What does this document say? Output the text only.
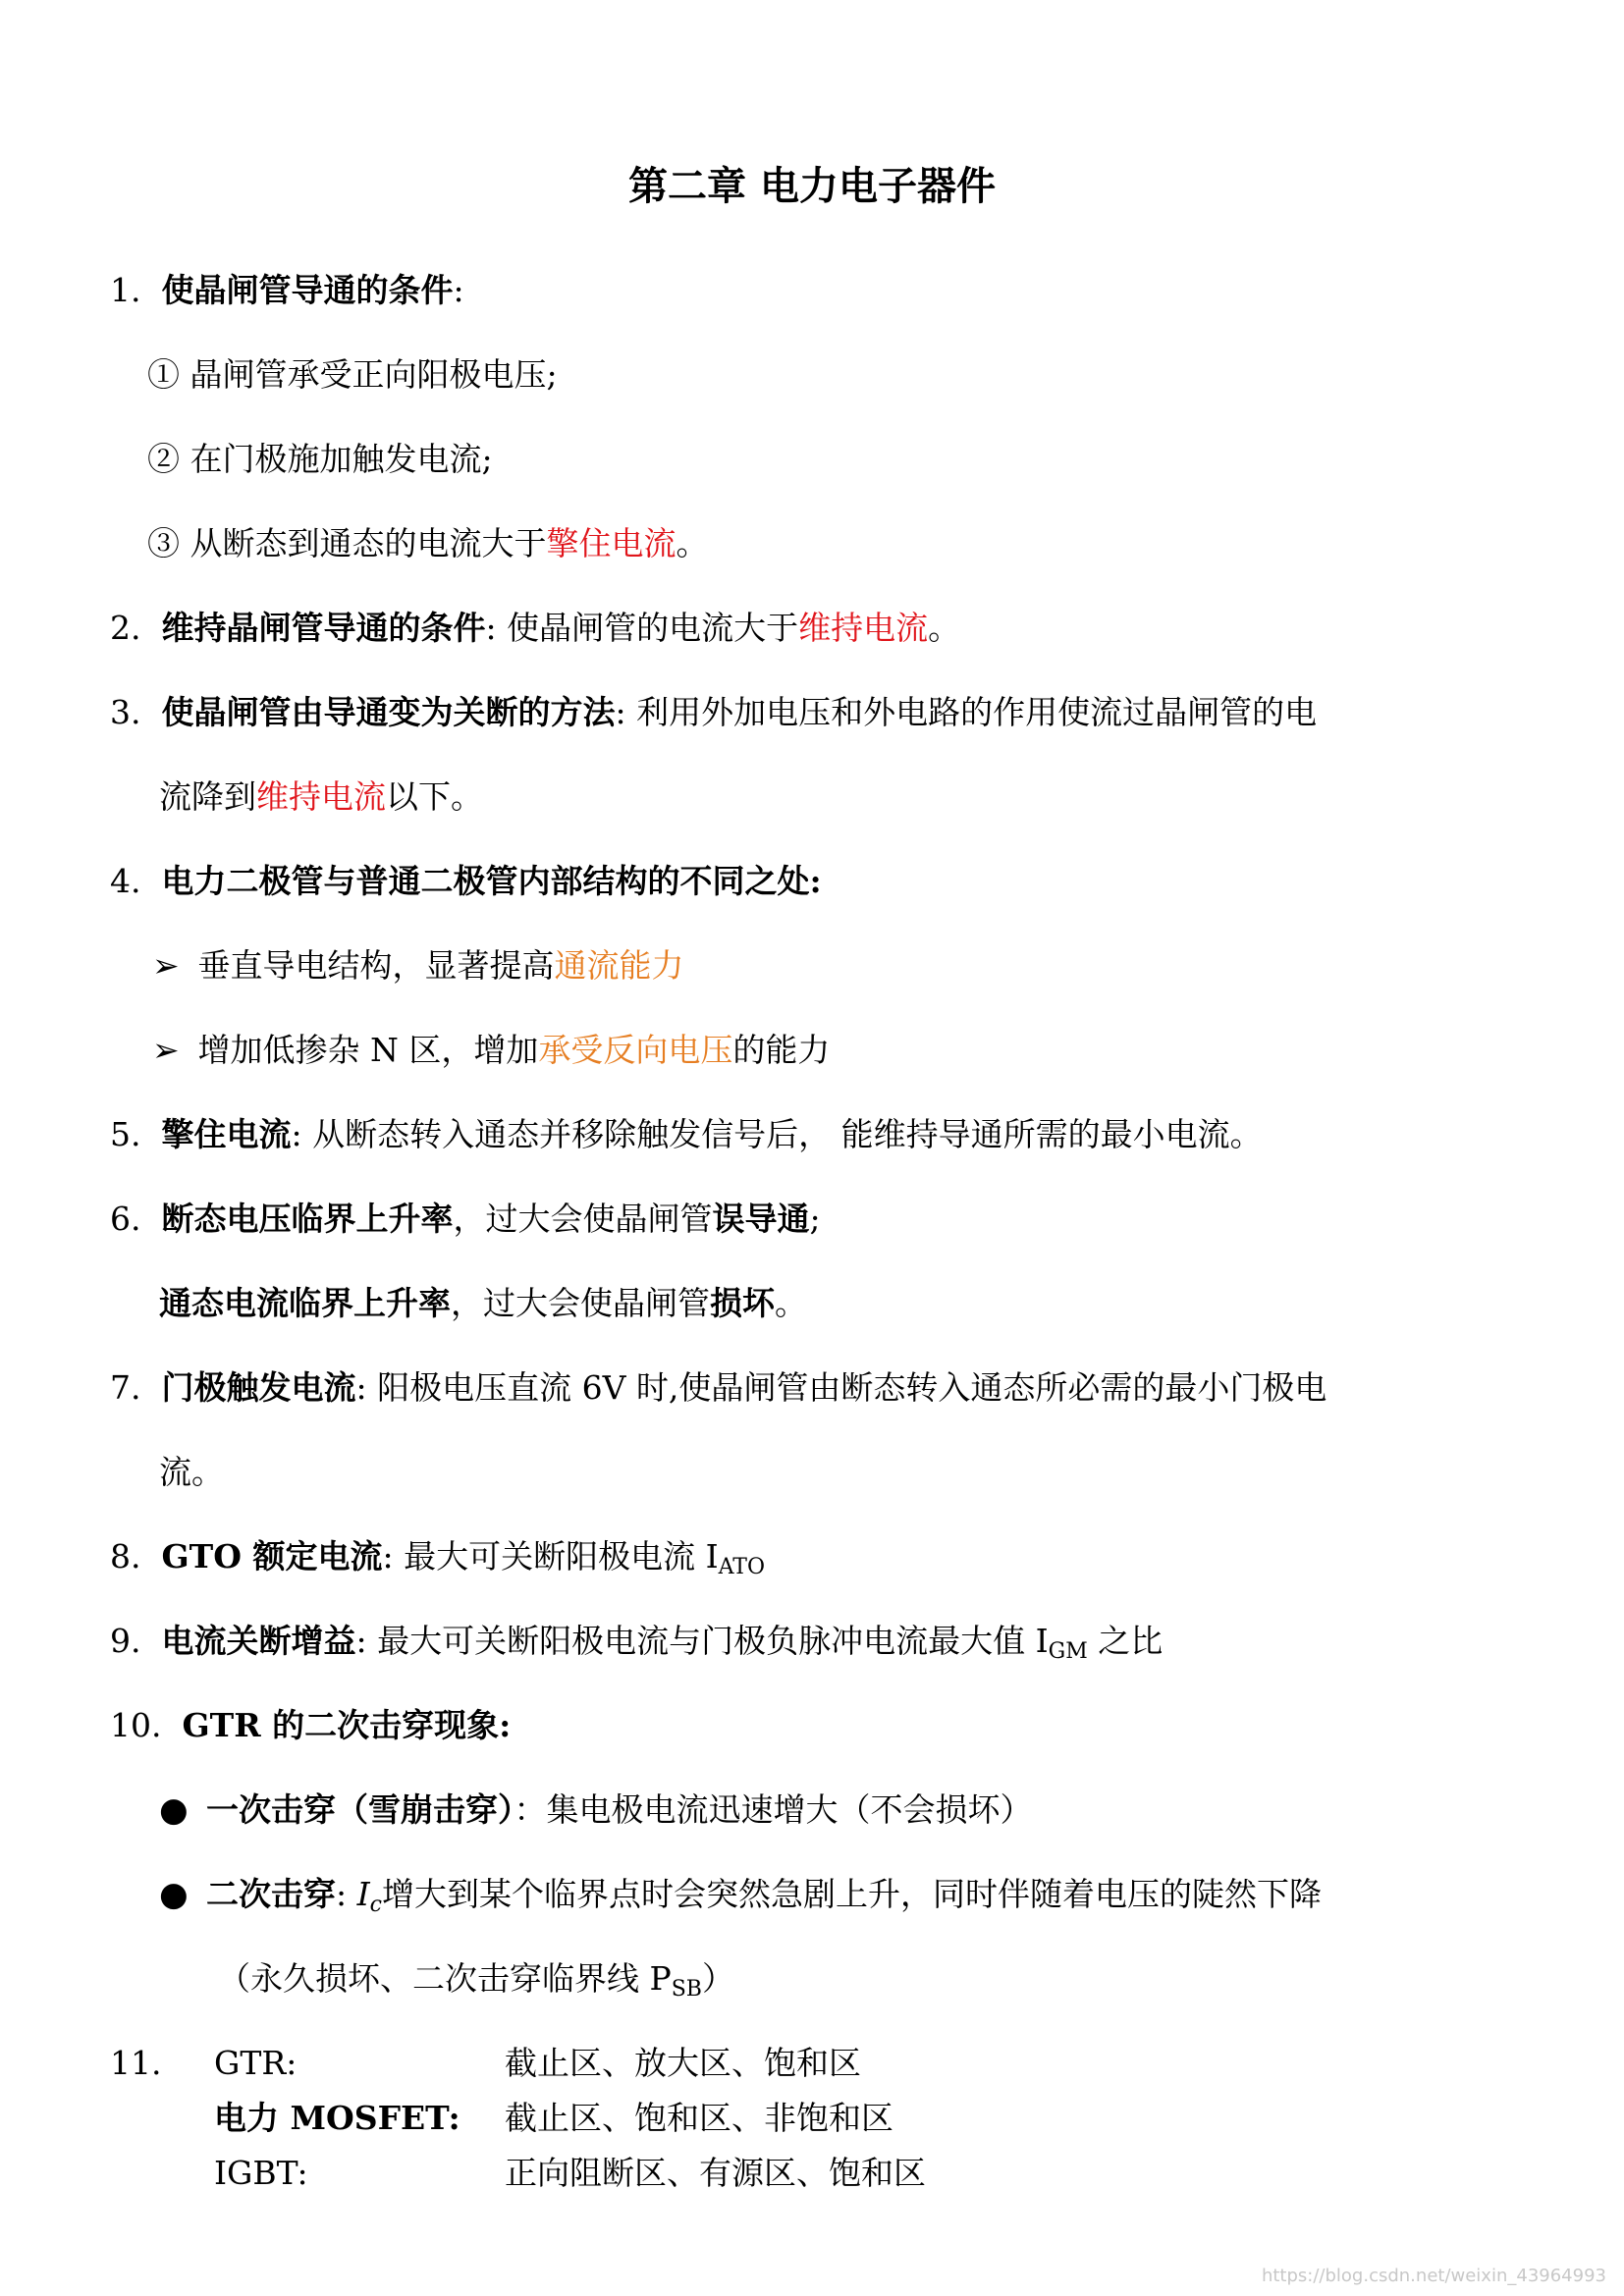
第二章 电力电子器件
1. 使晶闸管导通的条件:
① 晶闸管承受正向阳极电压;
② 在门极施加触发电流;
③ 从断态到通态的电流大于擎住电流。
2. 维持晶闸管导通的条件: 使晶闸管的电流大于维持电流。
3. 使晶闸管由导通变为关断的方法: 利用外加电压和外电路的作用使流过晶闸管的电
流降到维持电流以下。
4. 电力二极管与普通二极管内部结构的不同之处:
➢ 垂直导电结构，显著提高通流能力
➢ 增加低掺杂 N 区，增加承受反向电压的能力
5. 擎住电流: 从断态转入通态并移除触发信号后， 能维持导通所需的最小电流。
6. 断态电压临界上升率，过大会使晶闸管误导通;
通态电流临界上升率，过大会使晶闸管损坏。
7. 门极触发电流: 阳极电压直流 6V 时,使晶闸管由断态转入通态所必需的最小门极电
流。
8. GTO 额定电流: 最大可关断阳极电流 $I_{ATO}$
9. 电流关断增益: 最大可关断阳极电流与门极负脉冲电流最大值 $I_{GM}$ 之比
10. GTR 的二次击穿现象:
● 一次击穿（雪崩击穿）：集电极电流迅速增大（不会损坏）
● 二次击穿: $I_c$增大到某个临界点时会突然急剧上升，同时伴随着电压的陡然下降
（永久损坏、二次击穿临界线 $P_{SB}$）
11. GTR:	截止区、放大区、饱和区
电力 MOSFET: 截止区、饱和区、非饱和区
IGBT:	正向阻断区、有源区、饱和区
https://blog.csdn.net/weixin_43964993
